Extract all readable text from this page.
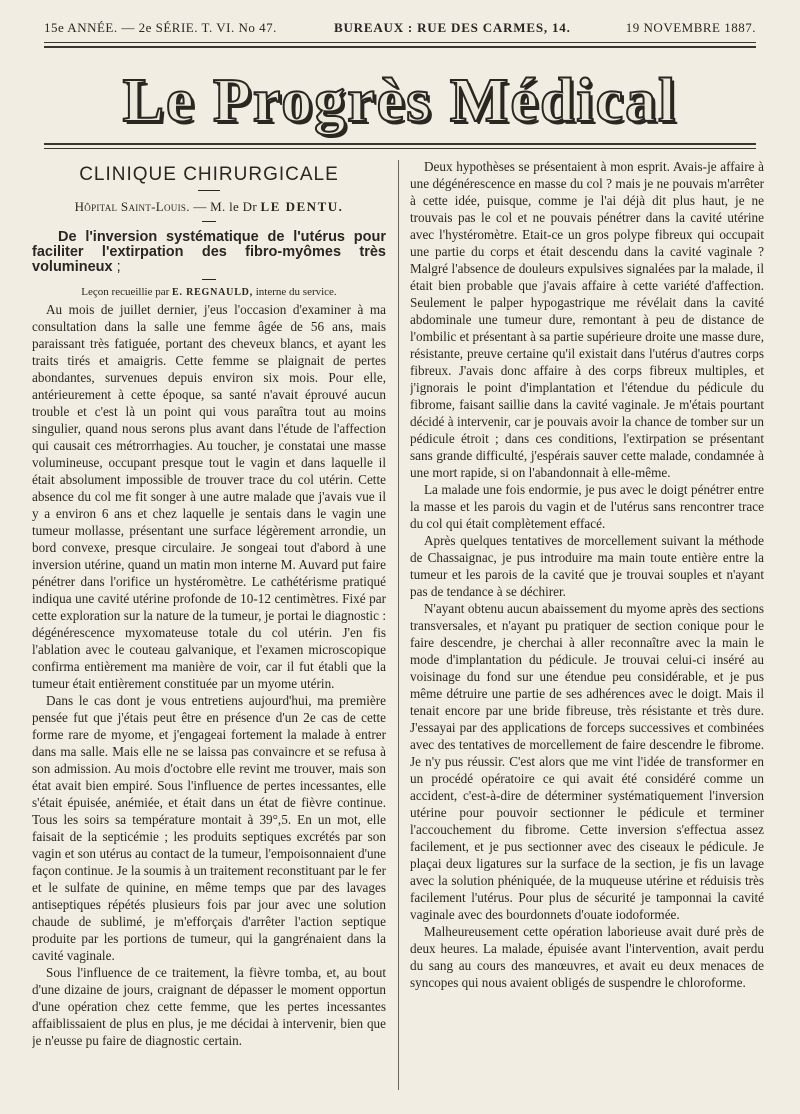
15e ANNÉE. — 2e SÉRIE. T. VI. No 47.	BUREAUX : RUE DES CARMES, 14.	19 NOVEMBRE 1887.
Le Progrès Médical
CLINIQUE CHIRURGICALE
Hôpital Saint-Louis. — M. le Dr LE DENTU.
De l'inversion systématique de l'utérus pour faciliter l'extirpation des fibro-myômes très volumineux ;
Leçon recueillie par E. REGNAULD, interne du service.

Au mois de juillet dernier, j'eus l'occasion d'examiner à ma consultation dans la salle une femme âgée de 56 ans, mais paraissant très fatiguée, portant des cheveux blancs, et ayant les traits tirés et amaigris. Cette femme se plaignait de pertes abondantes, survenues depuis environ six mois. Pour elle, antérieurement à cette époque, sa santé n'avait éprouvé aucun trouble et c'est là un point qui vous paraîtra tout au moins singulier, quand nous serons plus avant dans l'étude de l'affection qui causait ces métrorrhagies. Au toucher, je constatai une masse volumineuse, occupant presque tout le vagin et dans laquelle il était absolument impossible de trouver trace du col utérin. Cette absence du col me fit songer à une autre malade que j'avais vue il y a environ 6 ans et chez laquelle je sentais dans le vagin une tumeur mollasse, présentant une surface légèrement arrondie, un bord convexe, presque circulaire. Je songeai tout d'abord à une inversion utérine, quand un matin mon interne M. Auvard put faire pénétrer dans l'orifice un hystéromètre. Le cathétérisme pratiqué indiqua une cavité utérine profonde de 10-12 centimètres. Fixé par cette exploration sur la nature de la tumeur, je portai le diagnostic : dégénérescence myxomateuse totale du col utérin. J'en fis l'ablation avec le couteau galvanique, et l'examen microscopique confirma entièrement ma manière de voir, car il fut établi que la tumeur était entièrement constituée par un myome utérin.

Dans le cas dont je vous entretiens aujourd'hui, ma première pensée fut que j'étais peut être en présence d'un 2e cas de cette forme rare de myome, et j'engageai fortement la malade à entrer dans ma salle. Mais elle ne se laissa pas convaincre et se refusa à son admission. Au mois d'octobre elle revint me trouver, mais son état avait bien empiré. Sous l'influence de pertes incessantes, elle s'était épuisée, anémiée, et était dans un état de fièvre continue. Tous les soirs sa température montait à 39°,5. En un mot, elle faisait de la septicémie ; les produits septiques excrétés par son vagin et son utérus au contact de la tumeur, l'empoisonnaient d'une façon continue. Je la soumis à un traitement reconstituant par le fer et le sulfate de quinine, en même temps que par des lavages antiseptiques répétés plusieurs fois par jour avec une solution chaude de sublimé, je m'efforçais d'arrêter l'action septique produite par les portions de tumeur, qui la gangrénaient dans la cavité vaginale.

Sous l'influence de ce traitement, la fièvre tomba, et, au bout d'une dizaine de jours, craignant de dépasser le moment opportun d'une opération chez cette femme, que les pertes incessantes affaiblissaient de plus en plus, je me décidai à intervenir, bien que je n'eusse pu faire de diagnostic certain.

Deux hypothèses se présentaient à mon esprit. Avais-je affaire à une dégénérescence en masse du col ? mais je ne pouvais m'arrêter à cette idée, puisque, comme je l'ai déjà dit plus haut, je ne trouvais pas le col et ne pouvais pénétrer dans la cavité utérine avec l'hystéromètre. Etait-ce un gros polype fibreux qui occupait une partie du corps et était descendu dans la cavité vaginale ? Malgré l'absence de douleurs expulsives signalées par la malade, il était bien probable que j'avais affaire à cette variété d'affection. Seulement le palper hypogastrique me révélait dans la cavité abdominale une tumeur dure, remontant à peu de distance de l'ombilic et présentant à sa partie supérieure droite une masse dure, résistante, preuve certaine qu'il existait dans l'utérus d'autres corps fibreux. J'avais donc affaire à des corps fibreux multiples, et j'ignorais le point d'implantation et l'étendue du pédicule du fibrome, faisant saillie dans la cavité vaginale. Je m'étais pourtant décidé à intervenir, car je pouvais avoir la chance de tomber sur un pédicule étroit ; dans ces conditions, l'extirpation se présentant sans grande difficulté, j'espérais sauver cette malade, condamnée à une mort rapide, si on l'abandonnait à elle-même.

La malade une fois endormie, je pus avec le doigt pénétrer entre la masse et les parois du vagin et de l'utérus sans rencontrer trace du col qui était complètement effacé.

Après quelques tentatives de morcellement suivant la méthode de Chassaignac, je pus introduire ma main toute entière entre la tumeur et les parois de la cavité que je trouvai souples et n'ayant pas de tendance à se déchirer.

N'ayant obtenu aucun abaissement du myome après des sections transversales, et n'ayant pu pratiquer de section conique pour le faire descendre, je cherchai à aller reconnaître avec la main le mode d'implantation du pédicule. Je trouvai celui-ci inséré au voisinage du fond sur une étendue peu considérable, et je pus même détruire une partie de ses adhérences avec le doigt. Mais il tenait encore par une bride fibreuse, très résistante et très dure. J'essayai par des applications de forceps successives et combinées avec des tentatives de morcellement de faire descendre le fibrome. Je n'y pus réussir. C'est alors que me vint l'idée de transformer en un procédé opératoire ce qui avait été considéré comme un accident, c'est-à-dire de déterminer systématiquement l'inversion utérine pour pouvoir sectionner le pédicule et terminer l'accouchement du fibrome. Cette inversion s'effectua assez facilement, et je pus sectionner avec des ciseaux le pédicule. Je plaçai deux ligatures sur la surface de la section, je fis un lavage avec la solution phéniquée, de la muqueuse utérine et réduisis très facilement l'utérus. Pour plus de sécurité je tamponnai la cavité vaginale avec des bourdonnets d'ouate iodoformée.

Malheureusement cette opération laborieuse avait duré près de deux heures. La malade, épuisée avant l'intervention, avait perdu du sang au cours des manœuvres, et avait eu deux menaces de syncopes qui nous avaient obligés de suspendre le chloroforme.
